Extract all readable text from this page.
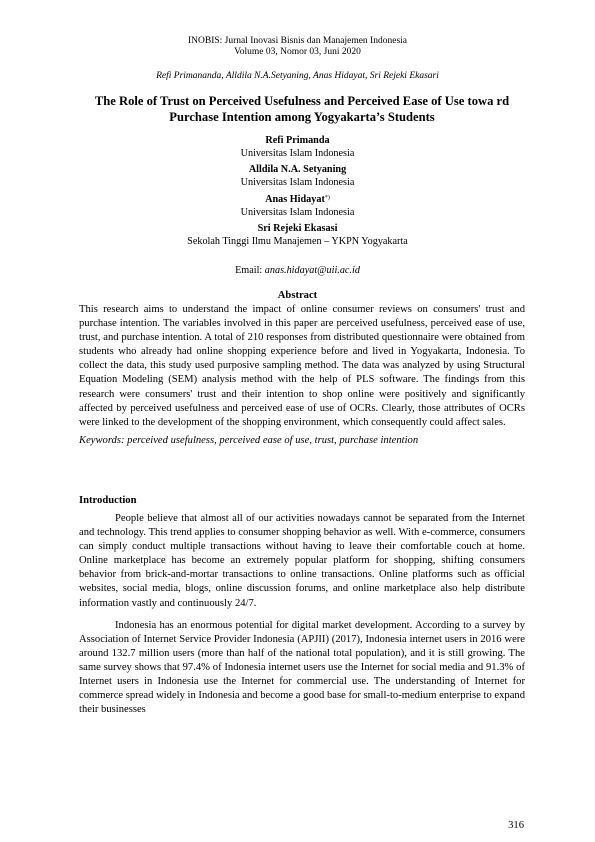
INOBIS: Jurnal Inovasi Bisnis dan Manajemen Indonesia
Volume 03, Nomor 03, Juni 2020
Refi Primananda, Alldila N.A.Setyaning, Anas Hidayat, Sri Rejeki Ekasari
The Role of Trust on Perceived Usefulness and Perceived Ease of Use towa rd Purchase Intention among Yogyakarta’s Students
Refi Primanda
Universitas Islam Indonesia
Alldila N.A. Setyaning
Universitas Islam Indonesia
Anas Hidayat*)
Universitas Islam Indonesia
Sri Rejeki Ekasasi
Sekolah Tinggi Ilmu Manajemen – YKPN Yogyakarta
Email: anas.hidayat@uii.ac.id
Abstract

This research aims to understand the impact of online consumer reviews on consumers' trust and purchase intention. The variables involved in this paper are perceived usefulness, perceived ease of use, trust, and purchase intention. A total of 210 responses from distributed questionnaire were obtained from students who already had online shopping experience before and lived in Yogyakarta, Indonesia. To collect the data, this study used purposive sampling method. The data was analyzed by using Structural Equation Modeling (SEM) analysis method with the help of PLS software. The findings from this research were consumers' trust and their intention to shop online were positively and significantly affected by perceived usefulness and perceived ease of use of OCRs. Clearly, those attributes of OCRs were linked to the development of the shopping environment, which consequently could affect sales.

Keywords: perceived usefulness, perceived ease of use, trust, purchase intention

Introduction

People believe that almost all of our activities nowadays cannot be separated from the Internet and technology. This trend applies to consumer shopping behavior as well. With e-commerce, consumers can simply conduct multiple transactions without having to leave their comfortable couch at home. Online marketplace has become an extremely popular platform for shopping, shifting consumers behavior from brick-and-mortar transactions to online transactions. Online platforms such as official websites, social media, blogs, online discussion forums, and online marketplace also help distribute information vastly and continuously 24/7.

Indonesia has an enormous potential for digital market development. According to a survey by Association of Internet Service Provider Indonesia (APJII) (2017), Indonesia internet users in 2016 were around 132.7 million users (more than half of the national total population), and it is still growing. The same survey shows that 97.4% of Indonesia internet users use the Internet for social media and 91.3% of Internet users in Indonesia use the Internet for commercial use. The understanding of Internet for commerce spread widely in Indonesia and become a good base for small-to-medium enterprise to expand their businesses

316
